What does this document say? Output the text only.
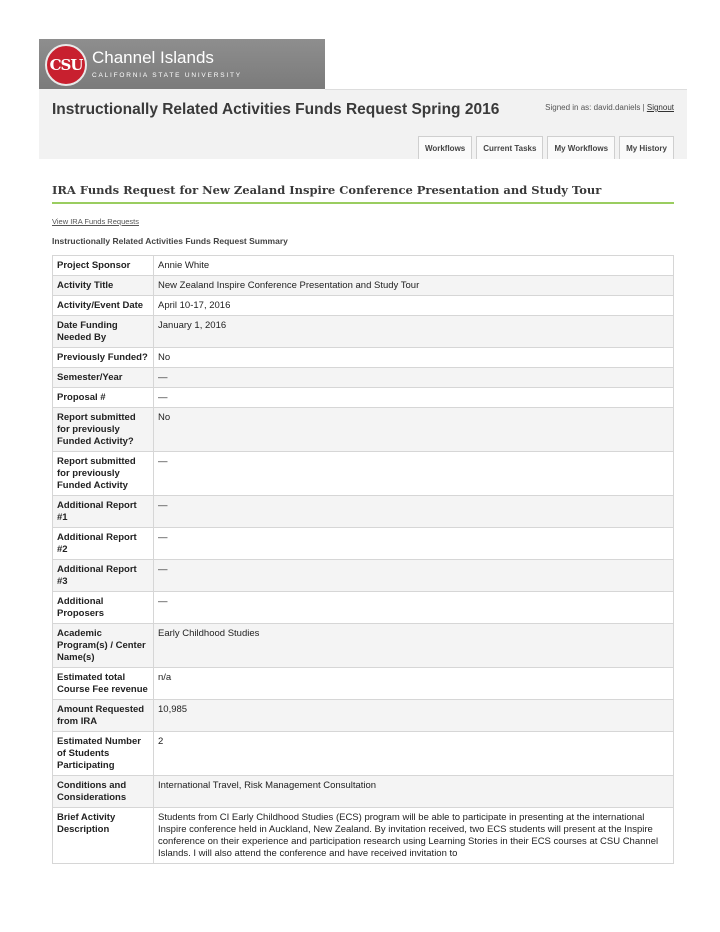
CSU Channel Islands
CALIFORNIA STATE UNIVERSITY
Instructionally Related Activities Funds Request Spring 2016	Signed in as: david.daniels | Signout
Workflows	Current Tasks	My Workflows	My History
IRA Funds Request for New Zealand Inspire Conference Presentation and Study Tour
View IRA Funds Requests
Instructionally Related Activities Funds Request Summary
Project Sponsor	Annie White
Activity Title	New Zealand Inspire Conference Presentation and Study Tour
Activity/Event Date	April 10-17, 2016
Date Funding Needed By	January 1, 2016
Previously Funded?	No
Semester/Year	—
Proposal #	—
Report submitted for previously Funded Activity?	No
Report submitted for previously Funded Activity	—
Additional Report #1	—
Additional Report #2	—
Additional Report #3	—
Additional Proposers	—
Academic Program(s) / Center Name(s)	Early Childhood Studies
Estimated total Course Fee revenue	n/a
Amount Requested from IRA	10,985
Estimated Number of Students Participating	2
Conditions and Considerations	International Travel, Risk Management Consultation
Brief Activity Description	Students from CI Early Childhood Studies (ECS) program will be able to participate in presenting at the international Inspire conference held in Auckland, New Zealand. By invitation received, two ECS students will present at the Inspire conference on their experience and participation research using Learning Stories in their ECS courses at CSU Channel Islands. I will also attend the conference and have received invitation to
